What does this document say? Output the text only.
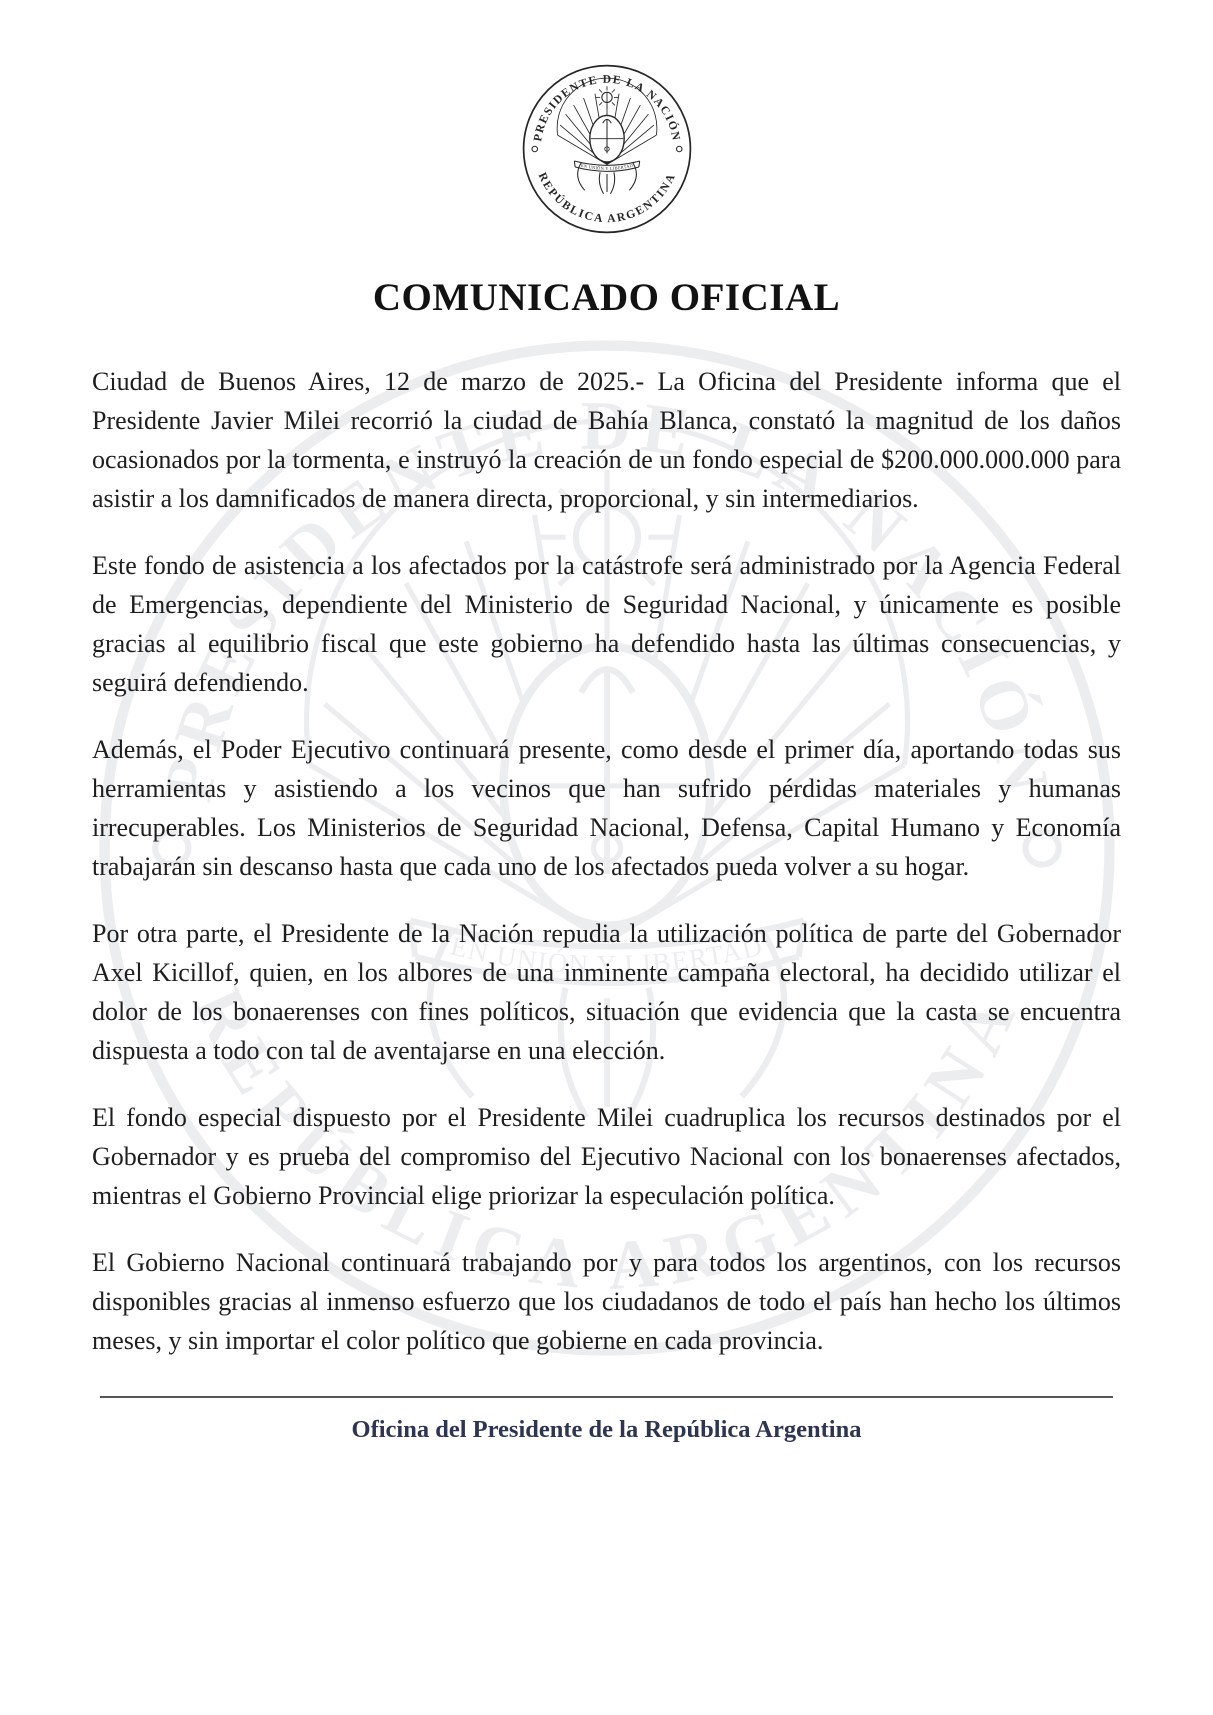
COMUNICADO OFICIAL

Ciudad de Buenos Aires, 12 de marzo de 2025.- La Oficina del Presidente informa que el Presidente Javier Milei recorrió la ciudad de Bahía Blanca, constató la magnitud de los daños ocasionados por la tormenta, e instruyó la creación de un fondo especial de $200.000.000.000 para asistir a los damnificados de manera directa, proporcional, y sin intermediarios.

Este fondo de asistencia a los afectados por la catástrofe será administrado por la Agencia Federal de Emergencias, dependiente del Ministerio de Seguridad Nacional, y únicamente es posible gracias al equilibrio fiscal que este gobierno ha defendido hasta las últimas consecuencias, y seguirá defendiendo.

Además, el Poder Ejecutivo continuará presente, como desde el primer día, aportando todas sus herramientas y asistiendo a los vecinos que han sufrido pérdidas materiales y humanas irrecuperables. Los Ministerios de Seguridad Nacional, Defensa, Capital Humano y Economía trabajarán sin descanso hasta que cada uno de los afectados pueda volver a su hogar.

Por otra parte, el Presidente de la Nación repudia la utilización política de parte del Gobernador Axel Kicillof, quien, en los albores de una inminente campaña electoral, ha decidido utilizar el dolor de los bonaerenses con fines políticos, situación que evidencia que la casta se encuentra dispuesta a todo con tal de aventajarse en una elección.

El fondo especial dispuesto por el Presidente Milei cuadruplica los recursos destinados por el Gobernador y es prueba del compromiso del Ejecutivo Nacional con los bonaerenses afectados, mientras el Gobierno Provincial elige priorizar la especulación política.

El Gobierno Nacional continuará trabajando por y para todos los argentinos, con los recursos disponibles gracias al inmenso esfuerzo que los ciudadanos de todo el país han hecho los últimos meses, y sin importar el color político que gobierne en cada provincia.

Oficina del Presidente de la República Argentina
